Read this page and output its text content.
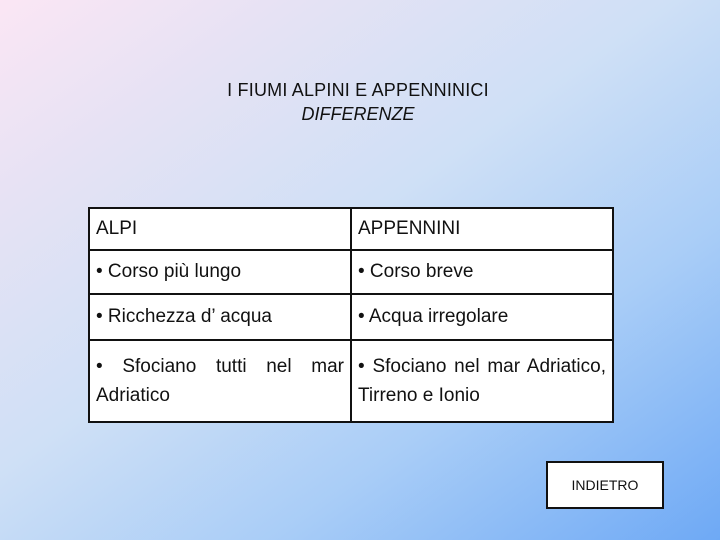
I FIUMI ALPINI E APPENNINICI
DIFFERENZE
ALPI	APPENNINI
• Corso più lungo	• Corso breve
• Ricchezza d’ acqua	• Acqua irregolare
• Sfociano tutti nel mar Adriatico	• Sfociano nel mar Adriatico, Tirreno e Ionio
INDIETRO
